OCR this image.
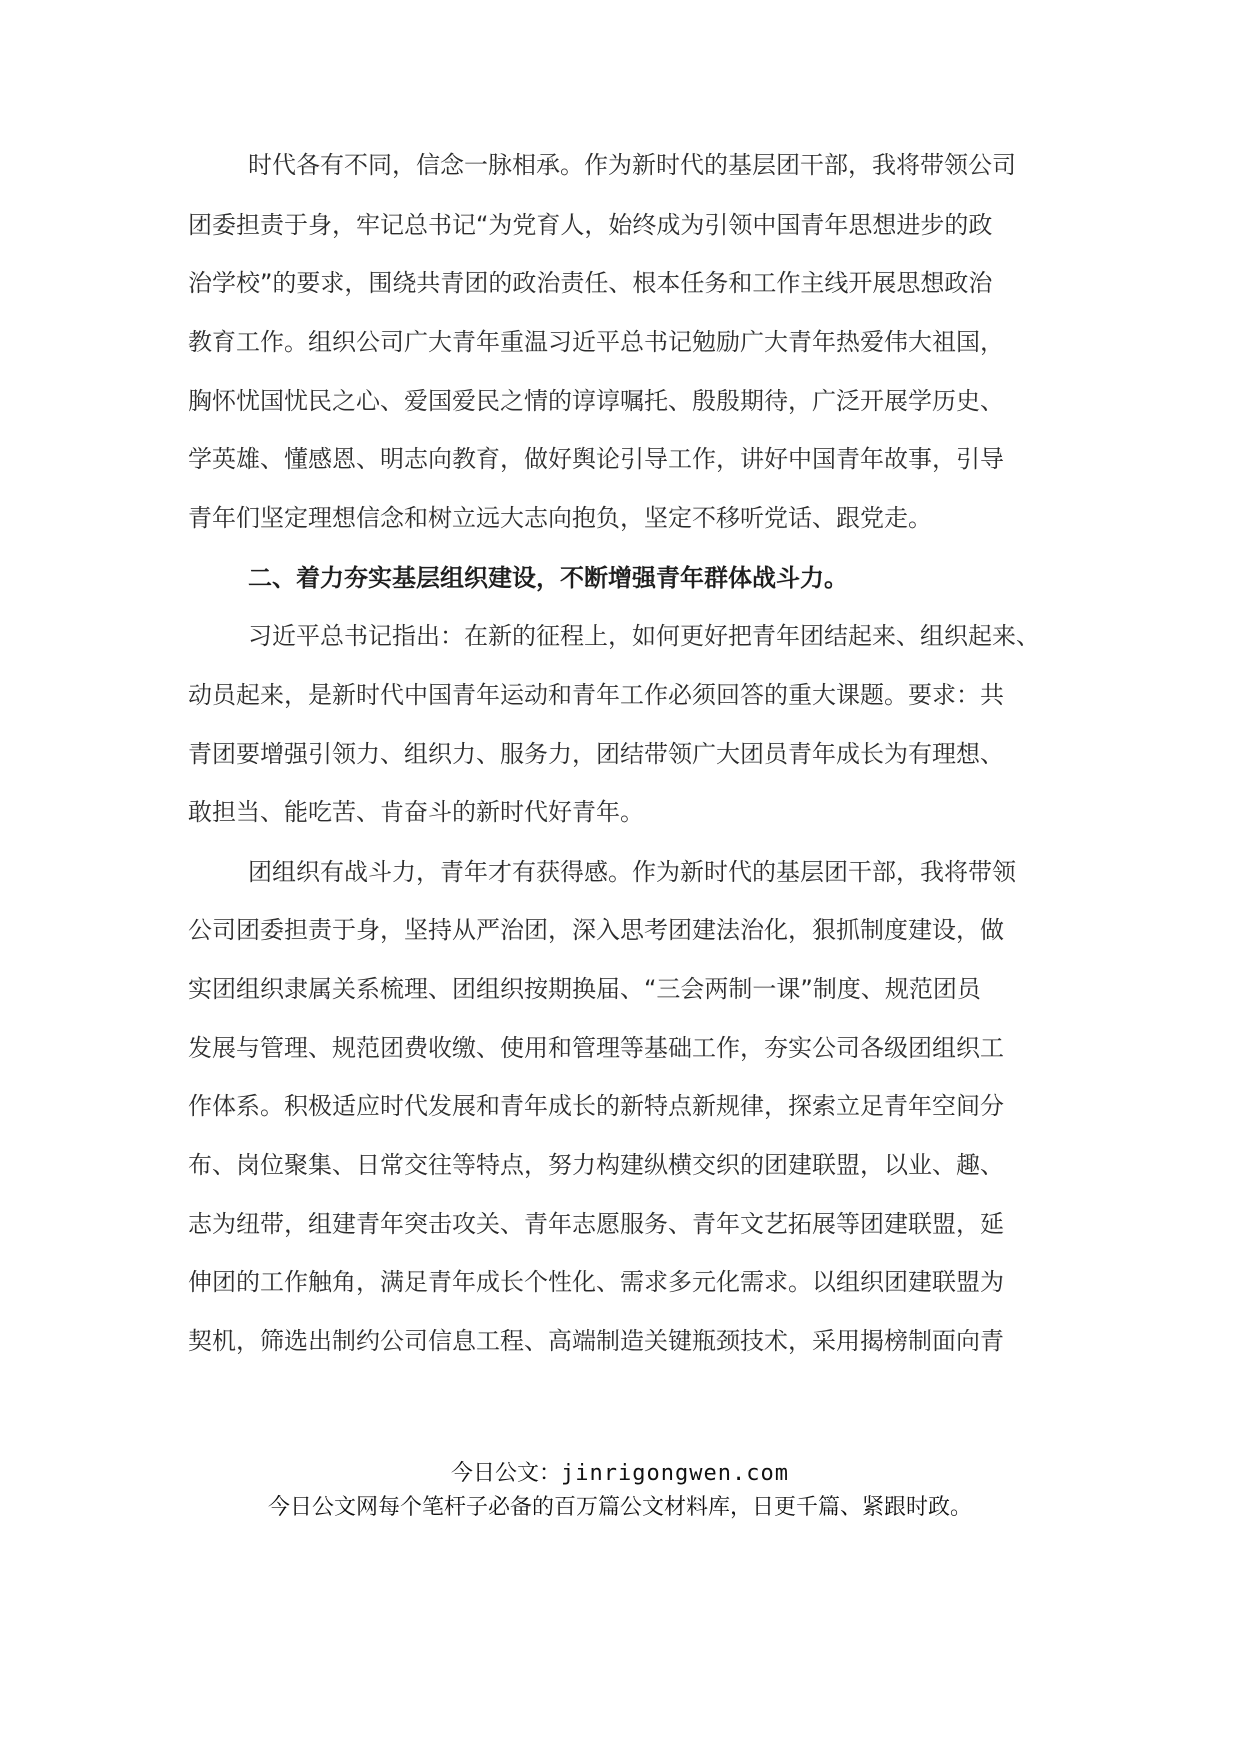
时代各有不同，信念一脉相承。作为新时代的基层团干部，我将带领公司
团委担责于身，牢记总书记“为党育人，始终成为引领中国青年思想进步的政
治学校”的要求，围绕共青团的政治责任、根本任务和工作主线开展思想政治
教育工作。组织公司广大青年重温习近平总书记勉励广大青年热爱伟大祖国，
胸怀忧国忧民之心、爱国爱民之情的谆谆嘱托、殷殷期待，广泛开展学历史、
学英雄、懂感恩、明志向教育，做好舆论引导工作，讲好中国青年故事，引导
青年们坚定理想信念和树立远大志向抱负，坚定不移听党话、跟党走。
二、着力夯实基层组织建设，不断增强青年群体战斗力。
习近平总书记指出：在新的征程上，如何更好把青年团结起来、组织起来、
动员起来，是新时代中国青年运动和青年工作必须回答的重大课题。要求：共
青团要增强引领力、组织力、服务力，团结带领广大团员青年成长为有理想、
敢担当、能吃苦、肯奋斗的新时代好青年。
团组织有战斗力，青年才有获得感。作为新时代的基层团干部，我将带领
公司团委担责于身，坚持从严治团，深入思考团建法治化，狠抓制度建设，做
实团组织隶属关系梳理、团组织按期换届、“三会两制一课”制度、规范团员
发展与管理、规范团费收缴、使用和管理等基础工作，夯实公司各级团组织工
作体系。积极适应时代发展和青年成长的新特点新规律，探索立足青年空间分
布、岗位聚集、日常交往等特点，努力构建纵横交织的团建联盟，以业、趣、
志为纽带，组建青年突击攻关、青年志愿服务、青年文艺拓展等团建联盟，延
伸团的工作触角，满足青年成长个性化、需求多元化需求。以组织团建联盟为
契机，筛选出制约公司信息工程、高端制造关键瓶颈技术，采用揭榜制面向青
今日公文：jinrigongwen.com
今日公文网每个笔杆子必备的百万篇公文材料库，日更千篇、紧跟时政。
